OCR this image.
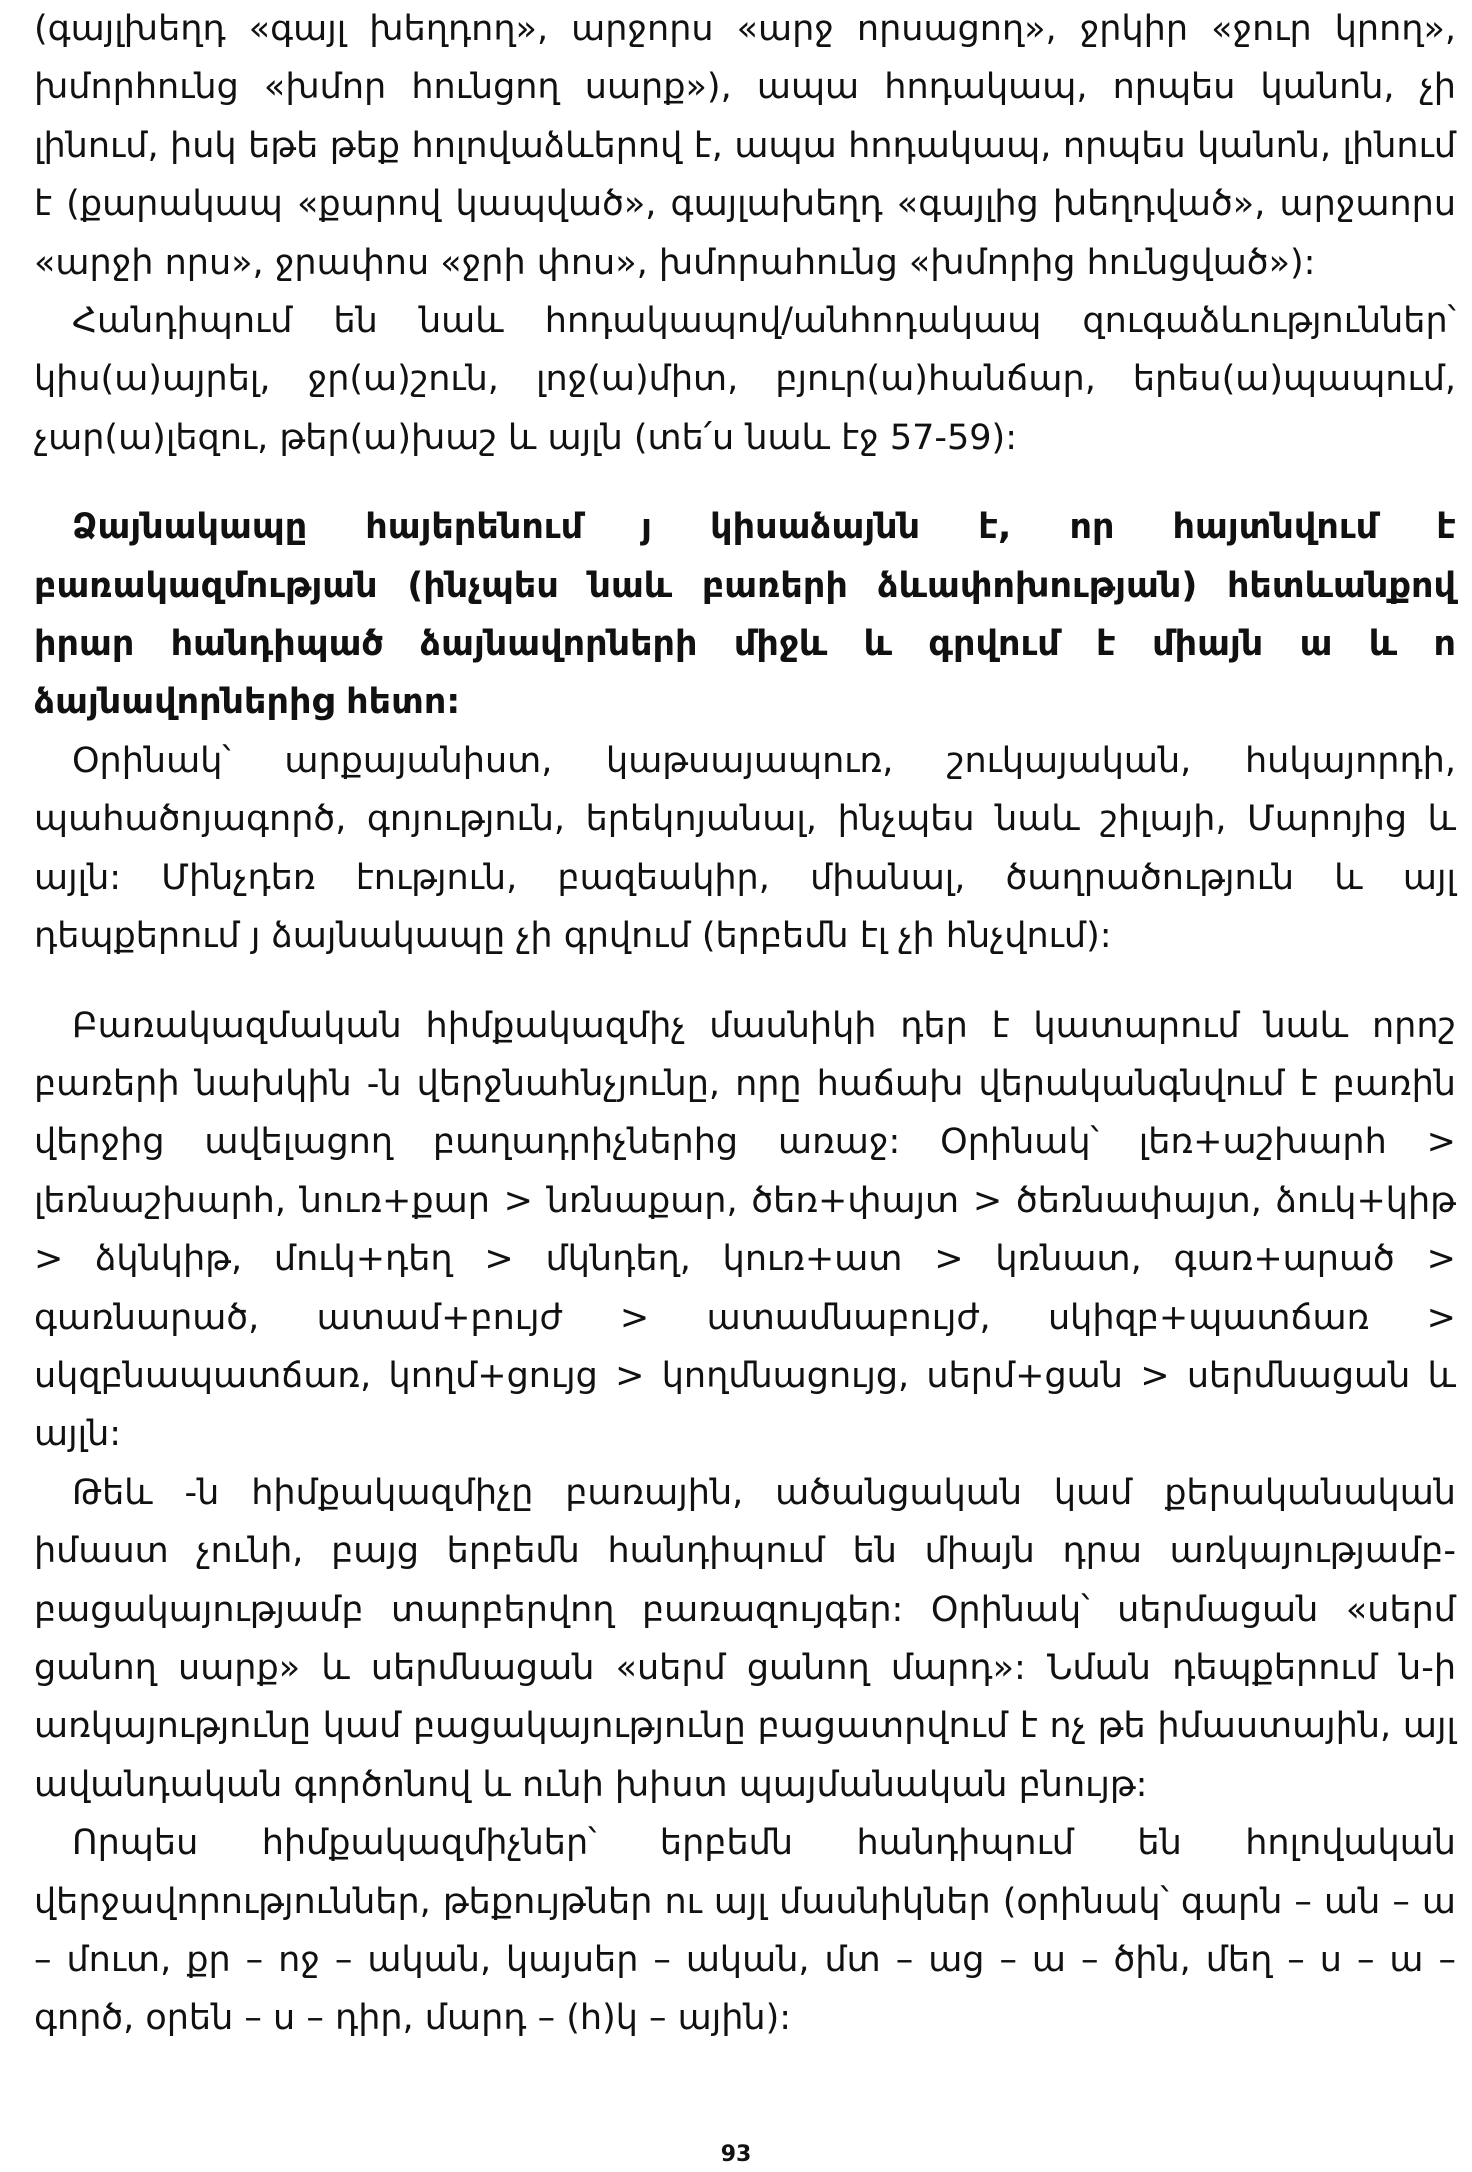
(գայլխեղդ «գայլ խեղդող», արջորս «արջ որսացող», ջրկիր «ջուր կրող», խմորհունց «խմոր հունցող սարք»), ապա հոդակապ, որպես կանոն, չի լինում, իսկ եթե թեք հոլովաձևերով է, ապա հոդակապ, որպես կանոն, լինում է (քարակապ «քարով կապված», գայլախեղդ «գայլից խեղդված», արջաորս «արջի որս», ջրափոս «ջրի փոս», խմորահունց «խմորից հունցված»):

Հանդիպում են նաև հոդակապով/անհոդակապ զուգաձևություններ՝ կիս(ա)այրել, ջր(ա)շուն, լոջ(ա)միտ, բյուր(ա)հանճար, երես(ա)պապում, չար(ա)լեզու, թեր(ա)խաշ և այլն (տե՛ս նաև էջ 57-59):

Ձայնակապը հայերենում յ կիսաձայնն է, որ հայտնվում է բառակազմության (ինչպես նաև բառերի ձևափոխության) հետևանքով իրար հանդիպած ձայնավորների միջև և գրվում է միայն ա և ո ձայնավորներից հետո:

Օրինակ՝ արքայանիստ, կաթսայապուռ, շուկայական, հսկայորդի, պահածոյագործ, գոյություն, երեկոյանալ, ինչպես նաև շիլայի, Մարոյից և այլն: Մինչդեռ էություն, բազեակիր, միանալ, ծաղրածություն և այլ դեպքերում յ ձայնակապը չի գրվում (երբեմն էլ չի հնչվում):

Բառակազմական հիմքակազմիչ մասնիկի դեր է կատարում նաև որոշ բառերի նախկին -ն վերջնահնչյունը, որը հաճախ վերականգնվում է բառին վերջից ավելացող բաղադրիչներից առաջ: Օրինակ՝ լեռ+աշխարհ > լեռնաշխարհ, նուռ+քար > նռնաքար, ծեռ+փայտ > ծեռնափայտ, ձուկ+կիթ > ձկնկիթ, մուկ+դեղ > մկնդեղ, կուռ+ատ > կռնատ, գառ+արած > գառնարած, ատամ+բույժ > ատամնաբույժ, սկիզբ+պատճառ > սկզբնապատճառ, կողմ+ցույց > կողմնացույց, սերմ+ցան > սերմնացան և այլն:

Թեև -ն հիմքակազմիչը բառային, ածանցական կամ քերականական իմաստ չունի, բայց երբեմն հանդիպում են միայն դրա առկայությամբ-բացակայությամբ տարբերվող բառազույգեր: Օրինակ՝ սերմացան «սերմ ցանող սարք» և սերմնացան «սերմ ցանող մարդ»: Նման դեպքերում ն-ի առկայությունը կամ բացակայությունը բացատրվում է ոչ թե իմաստային, այլ ավանդական գործոնով և ունի խիստ պայմանական բնույթ:

Որպես հիմքակազմիչներ՝ երբեմն հանդիպում են հոլովական վերջավորություններ, թեքույթներ ու այլ մասնիկներ (օրինակ՝ գարն – ան – ա – մուտ, քր – ոջ – ական, կայսեր – ական, մտ – աց – ա – ծին, մեղ – ս – ա – գործ, օրեն – ս – դիր, մարդ – (հ)կ – ային):

93
